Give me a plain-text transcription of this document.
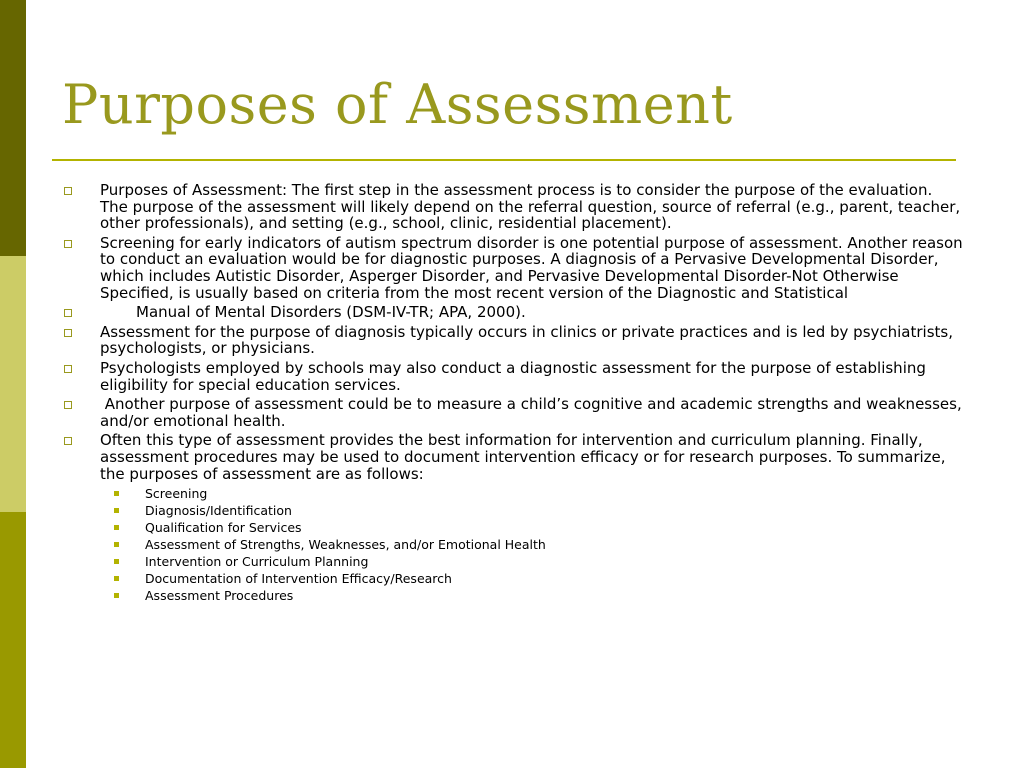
Purposes of Assessment
Purposes of Assessment: The first step in the assessment process is to consider the purpose of the evaluation. The purpose of the assessment will likely depend on the referral question, source of referral (e.g., parent, teacher, other professionals), and setting (e.g., school, clinic, residential placement).
Screening for early indicators of autism spectrum disorder is one potential purpose of assessment. Another reason to conduct an evaluation would be for diagnostic purposes. A diagnosis of a Pervasive Developmental Disorder, which includes Autistic Disorder, Asperger Disorder, and Pervasive Developmental Disorder-Not Otherwise Specified, is usually based on criteria from the most recent version of the Diagnostic and Statistical
Manual of Mental Disorders (DSM-IV-TR; APA, 2000).
Assessment for the purpose of diagnosis typically occurs in clinics or private practices and is led by psychiatrists, psychologists, or physicians.
Psychologists employed by schools may also conduct a diagnostic assessment for the purpose of establishing eligibility for special education services.
Another purpose of assessment could be to measure a child’s cognitive and academic strengths and weaknesses, and/or emotional health.
Often this type of assessment provides the best information for intervention and curriculum planning. Finally, assessment procedures may be used to document intervention efficacy or for research purposes. To summarize, the purposes of assessment are as follows:
Screening
Diagnosis/Identification
Qualification for Services
Assessment of Strengths, Weaknesses, and/or Emotional Health
Intervention or Curriculum Planning
Documentation of Intervention Efficacy/Research
Assessment Procedures
